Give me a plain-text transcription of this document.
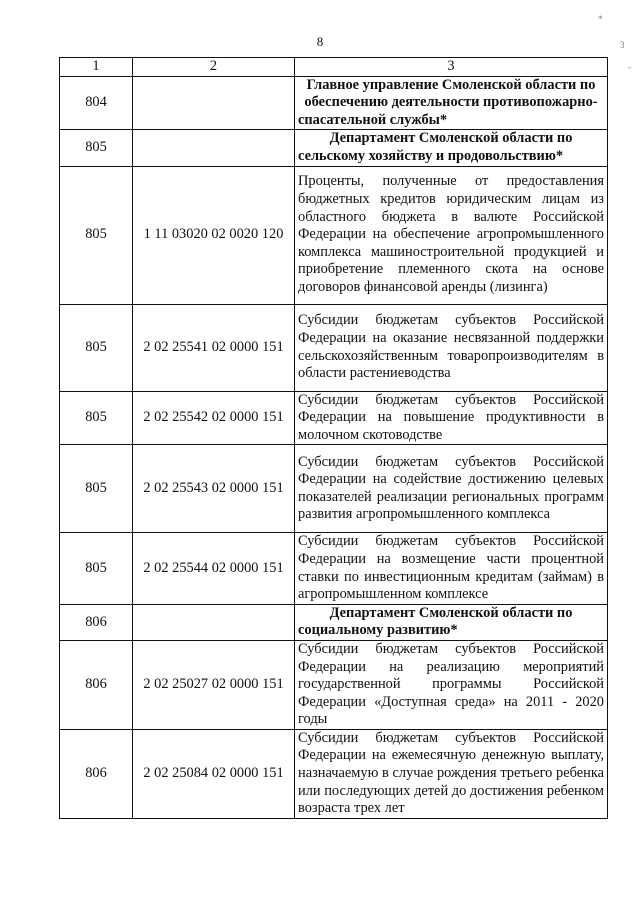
8
*
3
-
1	2	3
804		Главное управление Смоленской области по обеспечению деятельности противопожарно-спасательной службы*
805		Департамент Смоленской области по сельскому хозяйству и продовольствию*
805	1 11 03020 02 0020 120	Проценты, полученные от предоставления бюджетных кредитов юридическим лицам из областного бюджета в валюте Российской Федерации на обеспечение агропромышленного комплекса машиностроительной продукцией и приобретение племенного скота на основе договоров финансовой аренды (лизинга)
805	2 02 25541 02 0000 151	Субсидии бюджетам субъектов Российской Федерации на оказание несвязанной поддержки сельскохозяйственным товаропроизводителям в области растениеводства
805	2 02 25542 02 0000 151	Субсидии бюджетам субъектов Российской Федерации на повышение продуктивности в молочном скотоводстве
805	2 02 25543 02 0000 151	Субсидии бюджетам субъектов Российской Федерации на содействие достижению целевых показателей реализации региональных программ развития агропромышленного комплекса
805	2 02 25544 02 0000 151	Субсидии бюджетам субъектов Российской Федерации на возмещение части процентной ставки по инвестиционным кредитам (займам) в агропромышленном комплексе
806		Департамент Смоленской области по социальному развитию*
806	2 02 25027 02 0000 151	Субсидии бюджетам субъектов Российской Федерации на реализацию мероприятий государственной программы Российской Федерации «Доступная среда» на 2011 - 2020 годы
806	2 02 25084 02 0000 151	Субсидии бюджетам субъектов Российской Федерации на ежемесячную денежную выплату, назначаемую в случае рождения третьего ребенка или последующих детей до достижения ребенком возраста трех лет
